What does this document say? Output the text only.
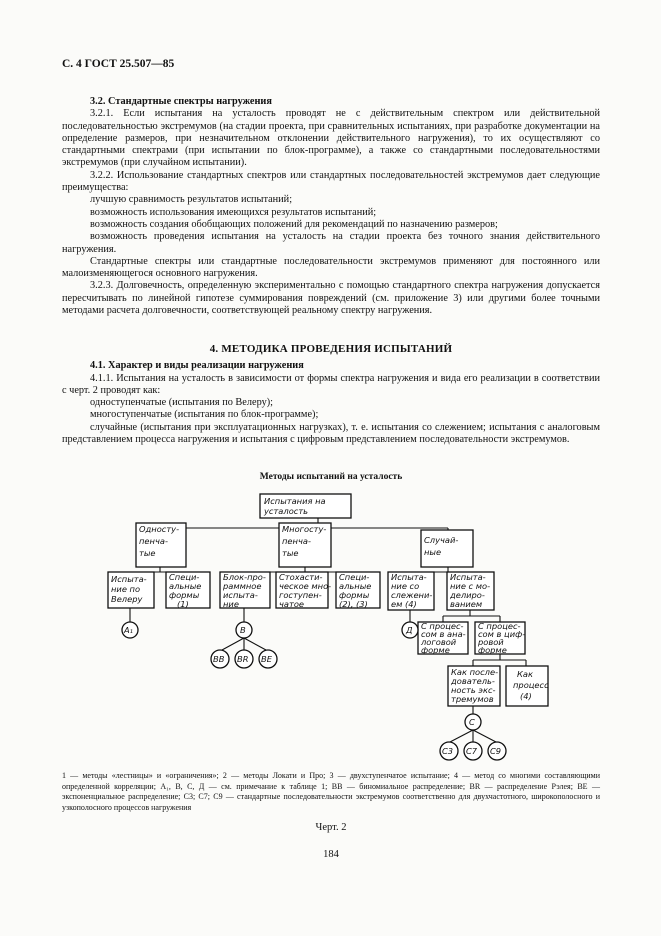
С. 4 ГОСТ 25.507—85

3.2. Стандартные спектры нагружения

3.2.1. Если испытания на усталость проводят не с действительным спектром или действительной последовательностью экстремумов (на стадии проекта, при сравнительных испытаниях, при разработке документации на определение размеров, при незначительном отклонении действительного нагружения), то их осуществляют со стандартными спектрами (при испытании по блок-программе), а также со стандартными последовательностями экстремумов (при случайном испытании).

3.2.2. Использование стандартных спектров или стандартных последовательностей экстремумов дает следующие преимущества:

лучшую сравнимость результатов испытаний;

возможность использования имеющихся результатов испытаний;

возможность создания обобщающих положений для рекомендаций по назначению размеров;

возможность проведения испытания на усталость на стадии проекта без точного знания действительного нагружения.

Стандартные спектры или стандартные последовательности экстремумов применяют для постоянного или малоизменяющегося основного нагружения.

3.2.3. Долговечность, определенную экспериментально с помощью стандартного спектра нагружения допускается пересчитывать по линейной гипотезе суммирования повреждений (см. приложение 3) или другими более точными методами расчета долговечности, соответствующей реальному спектру нагружения.

4. МЕТОДИКА ПРОВЕДЕНИЯ ИСПЫТАНИЙ

4.1. Характер и виды реализации нагружения

4.1.1. Испытания на усталость в зависимости от формы спектра нагружения и вида его реализации в соответствии с черт. 2 проводят как:

одноступенчатые (испытания по Велеру);

многоступенчатые (испытания по блок-программе);

случайные (испытания при эксплуатационных нагрузках), т. е. испытания со слежением; испытания с аналоговым представлением процесса нагружения и испытания с цифровым представлением последовательности экстремумов.

Методы испытаний на усталость
Испытания на
усталость
Односту-
пенча-
тые
Многосту-
пенча-
тые
Случай-
ные
Испыта-
ние по
Велеру
Специ-
альные
формы
(1)
Блок-про-
раммное
испыта-
ние
Стохасти-
ческое мно-
гоступен-
чатое
Специ-
альные
формы
(2), (3)
Испыта-
ние со
слежени-
ем (4)
Испыта-
ние с мо-
делиро-
ванием
С процес-
сом в ана-
логовой
форме
С процес-
сом в циф-
ровой
форме
Как после-
дователь-
ность экс-
тремумов
Как
процесс
(4)
А₁	B
BB BR BE
Д
C
C3 C7 C9
1 — методы «лестницы» и «ограничения»; 2 — методы Локати и Про; 3 — двухступенчатое испытание; 4 — метод со многими составляющими определенной корреляции; А₁, В, С, Д — см. примечание к таблице 1; BB — биномиальное распределение; BR — распределение Рэлея; BE — экспоненциальное распределение; С3; С7; С9 — стандартные последовательности экстремумов соответственно для двухчастотного, широкополосного и узкополосного процессов нагружения
Черт. 2
184
